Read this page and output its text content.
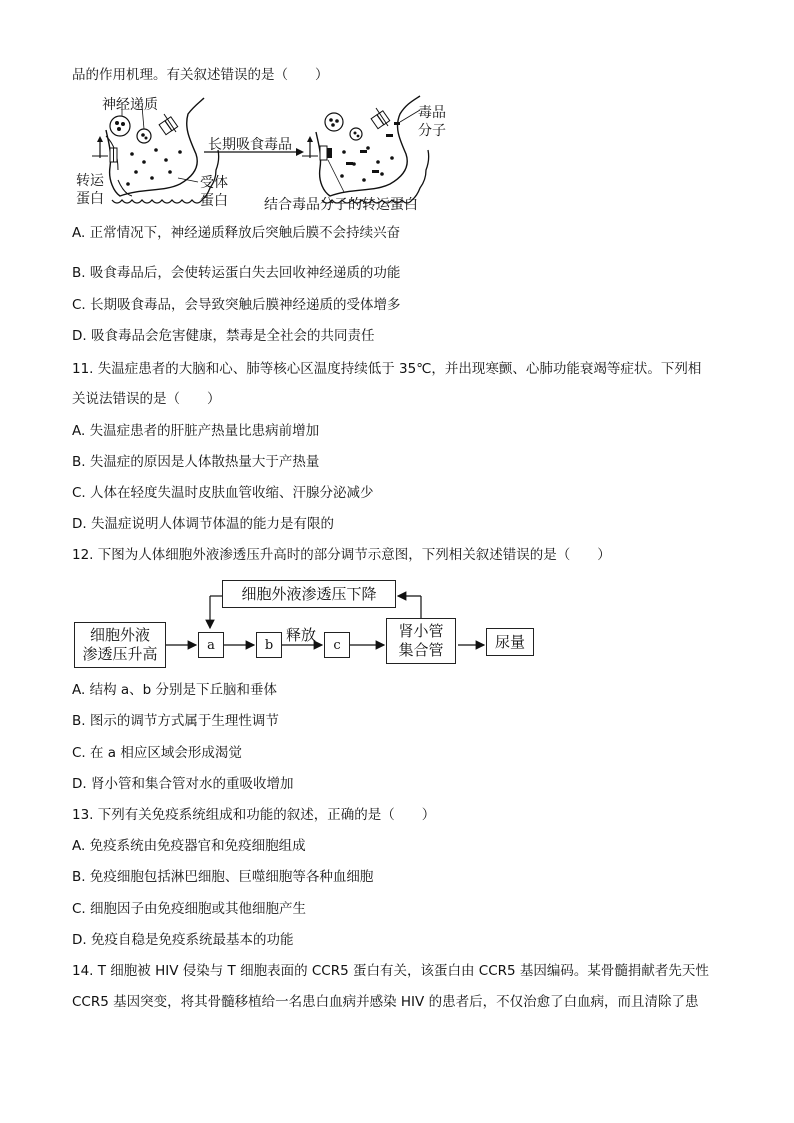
品的作用机理。有关叙述错误的是（　　）
神经递质
转运
蛋白
受体
蛋白
长期吸食毒品
毒品
分子
结合毒品分子的转运蛋白
A. 正常情况下，神经递质释放后突触后膜不会持续兴奋
B. 吸食毒品后，会使转运蛋白失去回收神经递质的功能
C. 长期吸食毒品，会导致突触后膜神经递质的受体增多
D. 吸食毒品会危害健康，禁毒是全社会的共同责任
11. 失温症患者的大脑和心、肺等核心区温度持续低于 35℃，并出现寒颤、心肺功能衰竭等症状。下列相
关说法错误的是（　　）
A. 失温症患者的肝脏产热量比患病前增加
B. 失温症的原因是人体散热量大于产热量
C. 人体在轻度失温时皮肤血管收缩、汗腺分泌减少
D. 失温症说明人体调节体温的能力是有限的
12. 下图为人体细胞外液渗透压升高时的部分调节示意图，下列相关叙述错误的是（　　）
细胞外液渗透压下降
细胞外液
渗透压升高	a	b
释放
c
肾小管
集合管	尿量
A. 结构 a、b 分别是下丘脑和垂体
B. 图示的调节方式属于生理性调节
C. 在 a 相应区域会形成渴觉
D. 肾小管和集合管对水的重吸收增加
13. 下列有关免疫系统组成和功能的叙述，正确的是（　　）
A. 免疫系统由免疫器官和免疫细胞组成
B. 免疫细胞包括淋巴细胞、巨噬细胞等各种血细胞
C. 细胞因子由免疫细胞或其他细胞产生
D. 免疫自稳是免疫系统最基本的功能
14. T 细胞被 HIV 侵染与 T 细胞表面的 CCR5 蛋白有关，该蛋白由 CCR5 基因编码。某骨髓捐献者先天性
CCR5 基因突变，将其骨髓移植给一名患白血病并感染 HIV 的患者后，不仅治愈了白血病，而且清除了患
